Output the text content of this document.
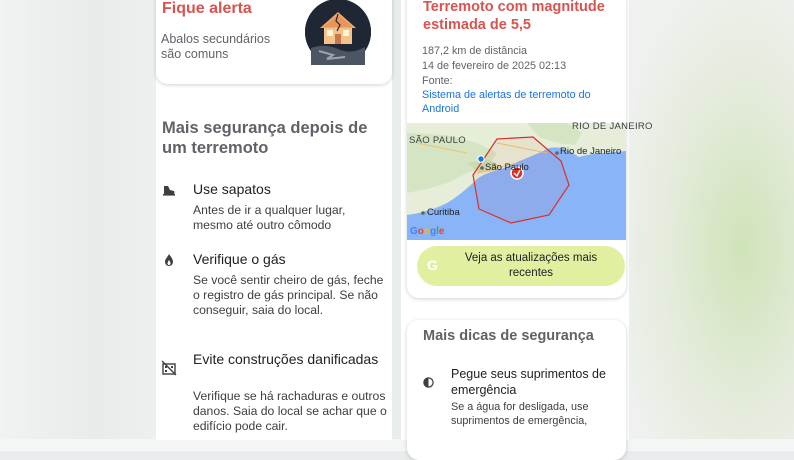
Fique alerta
Abalos secundários são comuns
Mais segurança depois de um terremoto
Use sapatos
Antes de ir a qualquer lugar, mesmo até outro cômodo
Verifique o gás
Se você sentir cheiro de gás, feche o registro de gás principal. Se não conseguir, saia do local.
Evite construções danificadas
Verifique se há rachaduras e outros danos. Saia do local se achar que o edifício pode cair.
Terremoto com magnitude estimada de 5,5
187,2 km de distância
14 de fevereiro de 2025 02:13
Fonte:
Sistema de alertas de terremoto do Android
RIO DE JANEIRO
SÃO PAULO
São Paulo
Rio de Janeiro
Curitiba
Google
G	Veja as atualizações mais recentes
Mais dicas de segurança
Pegue seus suprimentos de emergência
Se a água for desligada, use suprimentos de emergência,
